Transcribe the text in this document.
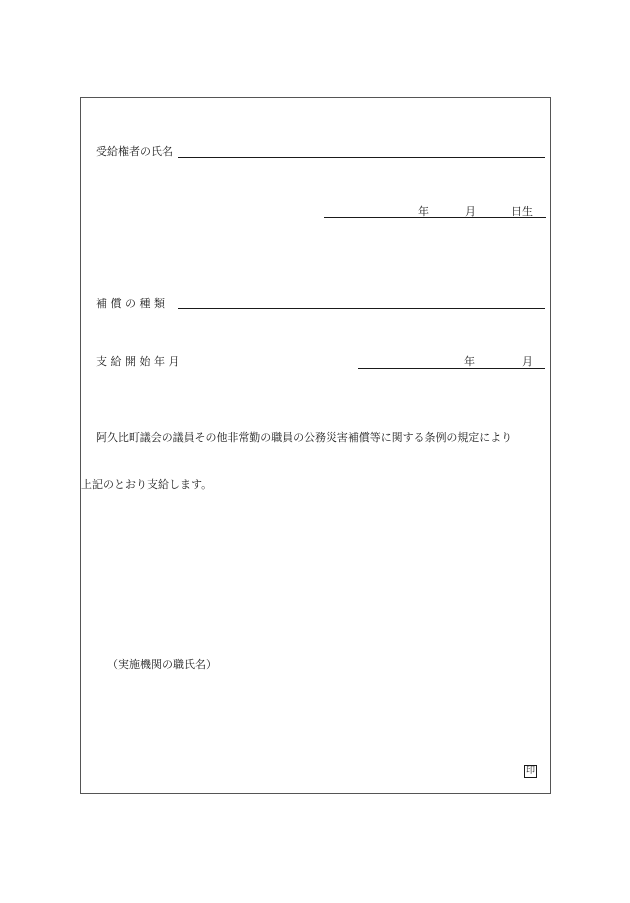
受給権者の氏名
年	月	日生
補 償 の 種 類
支 給 開 始 年 月	年	月
阿久比町議会の議員その他非常勤の職員の公務災害補償等に関する条例の規定により
上記のとおり支給します。
（実施機関の職氏名）
印
